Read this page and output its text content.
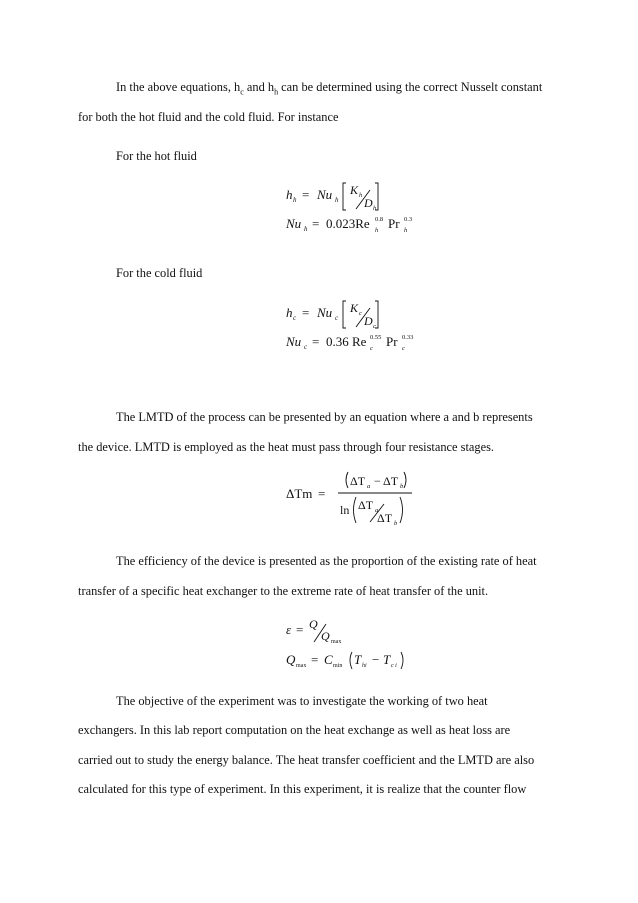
In the above equations, $h_c$ and $h_h$ can be determined using the correct Nusselt constant
for both the hot fluid and the cold fluid. For instance
For the hot fluid
h h = Nu h
K h
D h
Nu h = 0.023Re 0.8
h Pr 0.3
h
For the cold fluid
h c = Nu c
K c
D c
Nu c = 0.36 Re 0.55
c Pr 0.33
c
The LMTD of the process can be presented by an equation where a and b represents
the device. LMTD is employed as the heat must pass through four resistance stages.
ΔTm =
ΔT a − ΔT b
ln ΔT a
ΔT b
The efficiency of the device is presented as the proportion of the existing rate of heat
transfer of a specific heat exchanger to the extreme rate of heat transfer of the unit.
ε = Q
Q max
Q max = C min T hi − T c i
The objective of the experiment was to investigate the working of two heat
exchangers. In this lab report computation on the heat exchange as well as heat loss are
carried out to study the energy balance. The heat transfer coefficient and the LMTD are also
calculated for this type of experiment. In this experiment, it is realize that the counter flow
